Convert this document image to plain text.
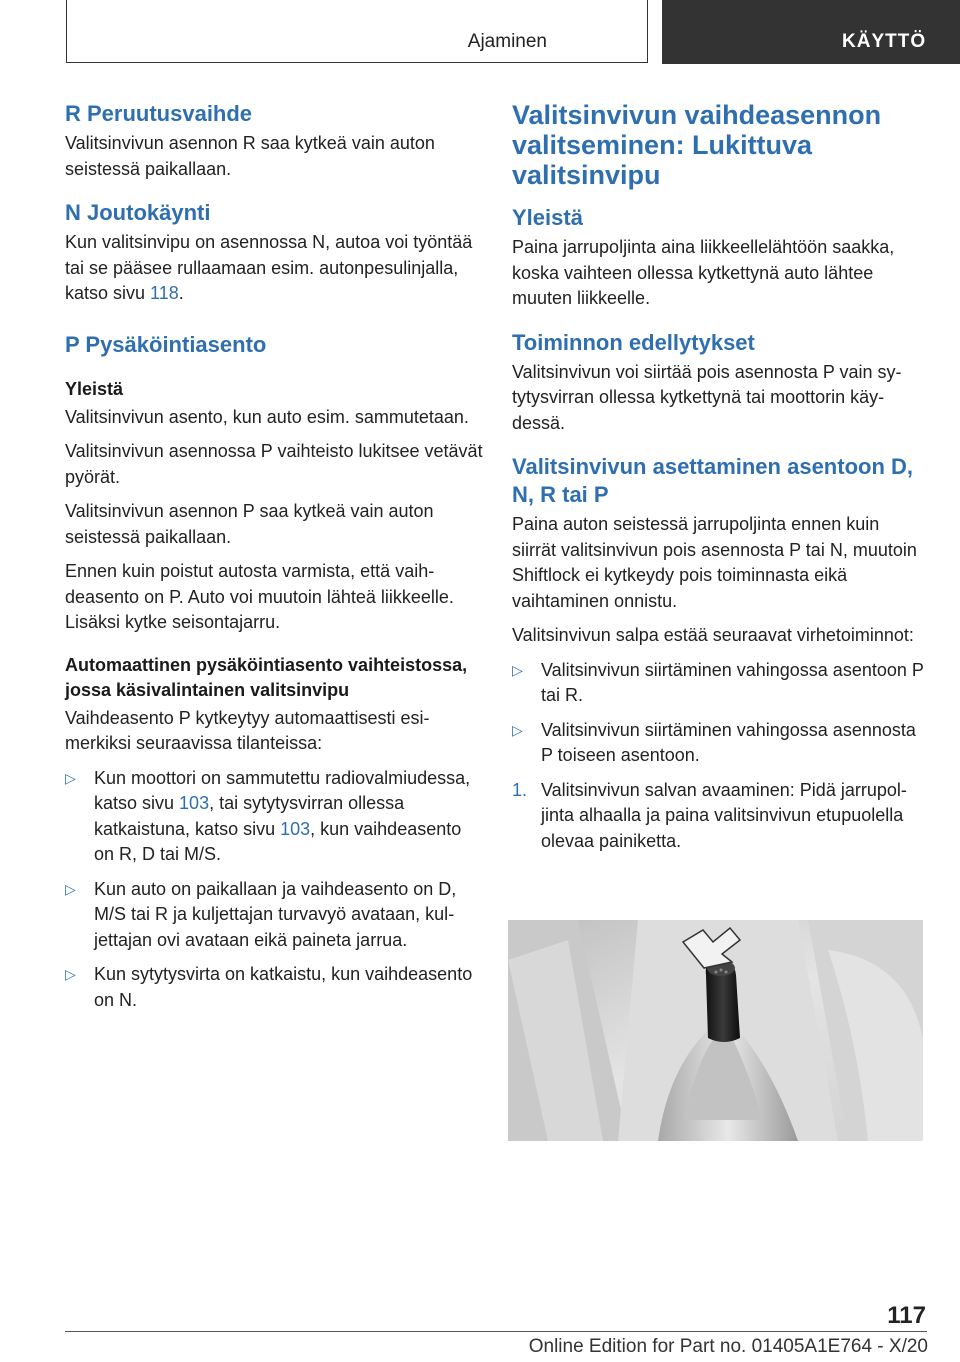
Ajaminen	KÄYTTÖ
R Peruutusvaihde
Valitsinvivun asennon R saa kytkeä vain auton seistessä paikallaan.
N Joutokäynti
Kun valitsinvipu on asennossa N, autoa voi työntää tai se pääsee rullaamaan esim. autonpesulinjalla, katso sivu 118.
P Pysäköintiasento
Yleistä
Valitsinvivun asento, kun auto esim. sammutetaan.
Valitsinvivun asennossa P vaihteisto lukitsee vetävät pyörät.
Valitsinvivun asennon P saa kytkeä vain auton seistessä paikallaan.
Ennen kuin poistut autosta varmista, että vaihdeasento on P. Auto voi muutoin lähteä liikkeelle. Lisäksi kytke seisontajarru.
Automaattinen pysäköintiasento vaihteistossa, jossa käsivalintainen valitsinvipu
Vaihdeasento P kytkeytyy automaattisesti esimerkiksi seuraavissa tilanteissa:
▷ Kun moottori on sammutettu radiovalmiudessa, katso sivu 103, tai sytytysvirran ollessa katkaistuna, katso sivu 103, kun vaihdeasento on R, D tai M/S.
▷ Kun auto on paikallaan ja vaihdeasento on D, M/S tai R ja kuljettajan turvavyö avataan, kuljettajan ovi avataan eikä paineta jarrua.
▷ Kun sytytysvirta on katkaistu, kun vaihdeasento on N.
Valitsinvivun vaihdeasennon valitseminen: Lukittuva valitsinvipu
Yleistä
Paina jarrupoljinta aina liikkeellelähtöön saakka, koska vaihteen ollessa kytkettynä auto lähtee muuten liikkeelle.
Toiminnon edellytykset
Valitsinvivun voi siirtää pois asennosta P vain sytytysvirran ollessa kytkettynä tai moottorin käydessä.
Valitsinvivun asettaminen asentoon D, N, R tai P
Paina auton seistessä jarrupoljinta ennen kuin siirrät valitsinvivun pois asennosta P tai N, muutoin Shiftlock ei kytkeydy pois toiminnasta eikä vaihtaminen onnistu.
Valitsinvivun salpa estää seuraavat virhetoiminnot:
▷ Valitsinvivun siirtäminen vahingossa asentoon P tai R.
▷ Valitsinvivun siirtäminen vahingossa asennosta P toiseen asentoon.
1. Valitsinvivun salvan avaaminen: Pidä jarrupoljinta alhaalla ja paina valitsinvivun etupuolella olevaa painiketta.
117
Online Edition for Part no. 01405A1E764 - X/20
